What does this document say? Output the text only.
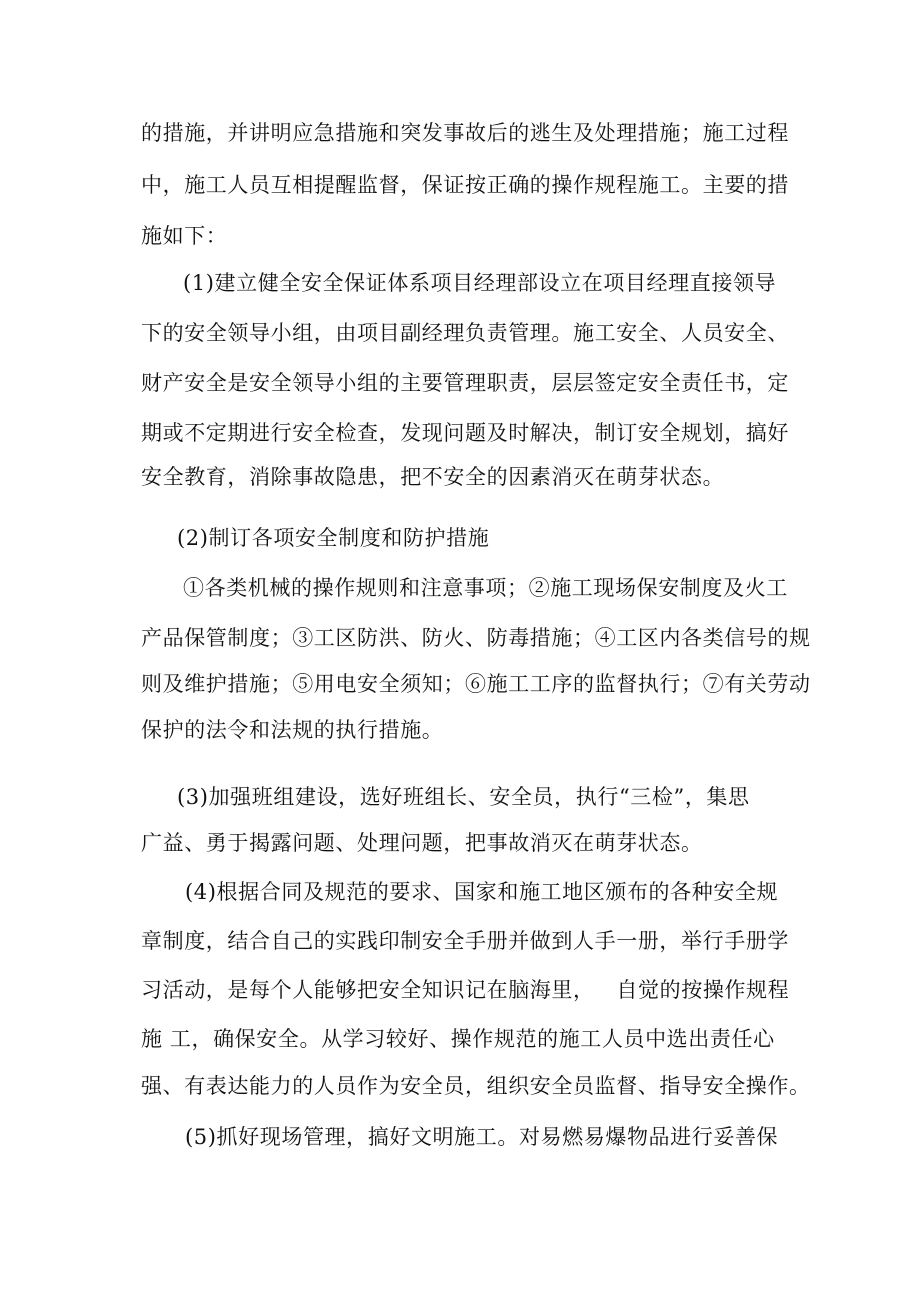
的措施，并讲明应急措施和突发事故后的逃生及处理措施；施工过程
中，施工人员互相提醒监督，保证按正确的操作规程施工。主要的措
施如下：
(1)建立健全安全保证体系项目经理部设立在项目经理直接领导
下的安全领导小组，由项目副经理负责管理。施工安全、人员安全、
财产安全是安全领导小组的主要管理职责，层层签定安全责任书，定
期或不定期进行安全检查，发现问题及时解决，制订安全规划，搞好
安全教育，消除事故隐患，把不安全的因素消灭在萌芽状态。
(2)制订各项安全制度和防护措施
①各类机械的操作规则和注意事项；②施工现场保安制度及火工
产品保管制度；③工区防洪、防火、防毒措施；④工区内各类信号的规
则及维护措施；⑤用电安全须知；⑥施工工序的监督执行；⑦有关劳动
保护的法令和法规的执行措施。
(3)加强班组建设，选好班组长、安全员，执行“三检”，集思
广益、勇于揭露问题、处理问题，把事故消灭在萌芽状态。
(4)根据合同及规范的要求、国家和施工地区颁布的各种安全规
章制度，结合自己的实践印制安全手册并做到人手一册，举行手册学
习活动，是每个人能够把安全知识记在脑海里，   自觉的按操作规程
施 工，确保安全。从学习较好、操作规范的施工人员中选出责任心
强、有表达能力的人员作为安全员，组织安全员监督、指导安全操作。
(5)抓好现场管理，搞好文明施工。对易燃易爆物品进行妥善保
